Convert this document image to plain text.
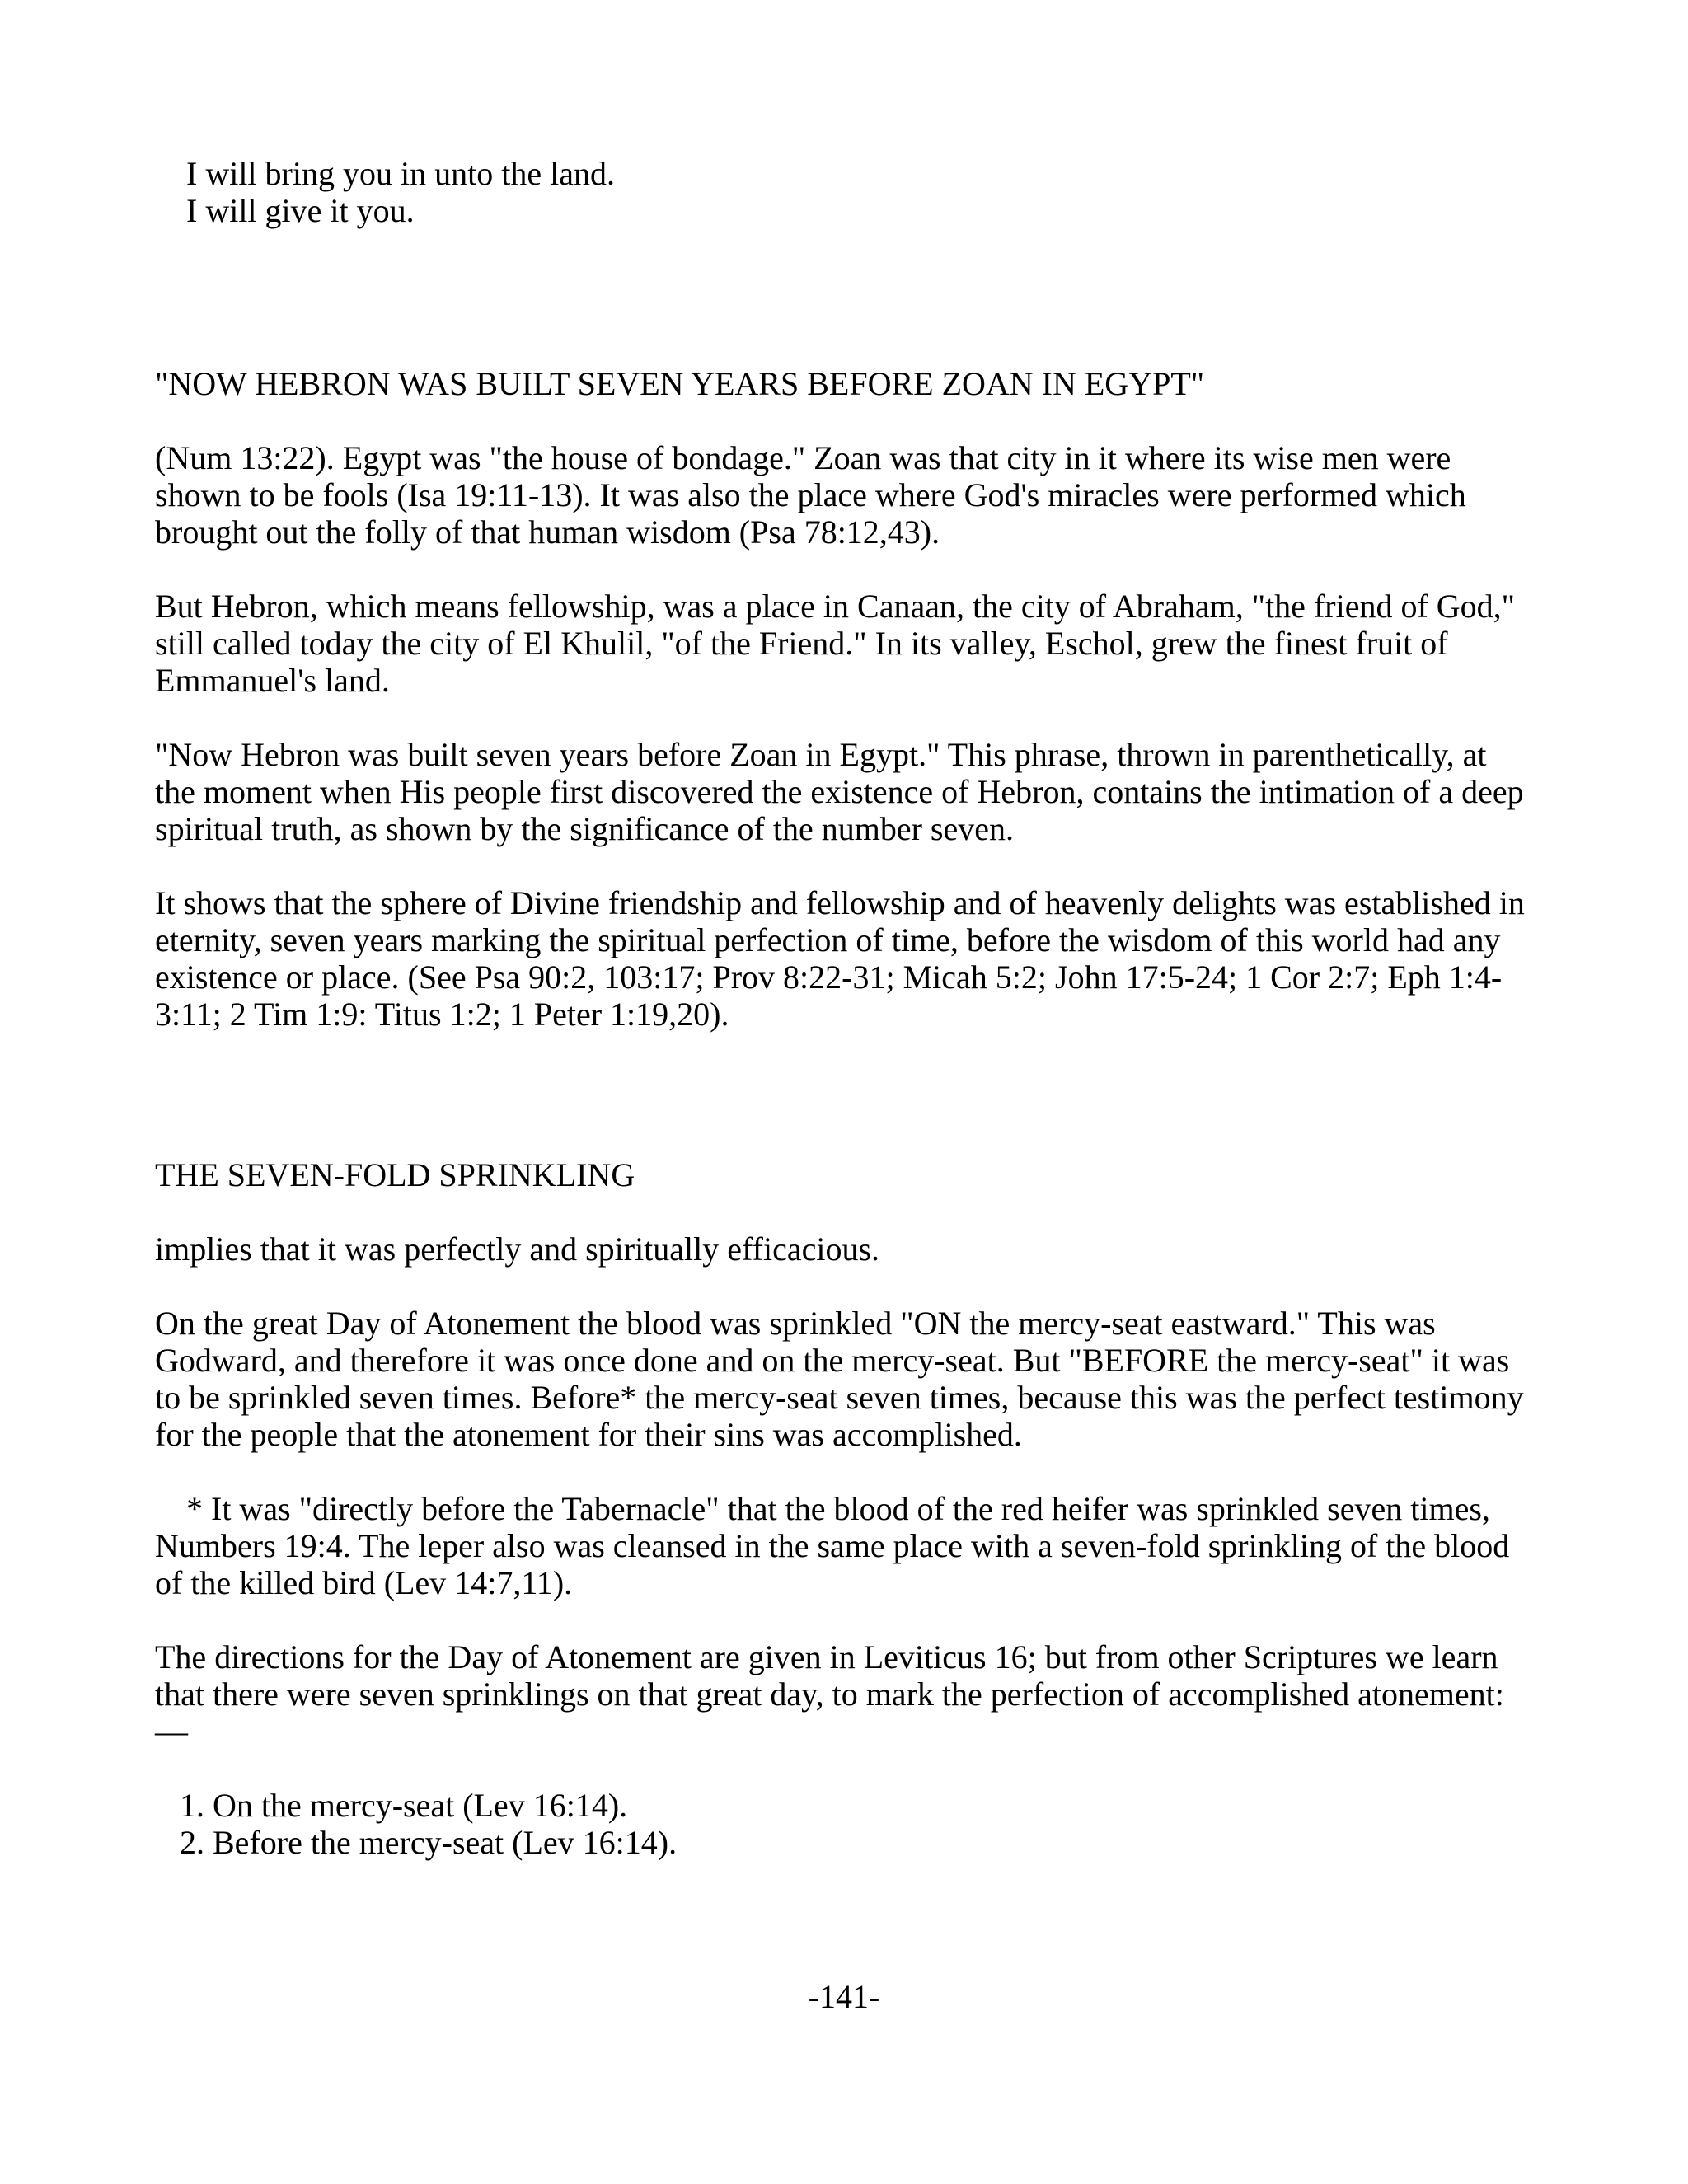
I will bring you in unto the land.
I will give it you.
"NOW HEBRON WAS BUILT SEVEN YEARS BEFORE ZOAN IN EGYPT"
(Num 13:22). Egypt was "the house of bondage." Zoan was that city in it where its wise men were shown to be fools (Isa 19:11-13). It was also the place where God's miracles were performed which brought out the folly of that human wisdom (Psa 78:12,43).
But Hebron, which means fellowship, was a place in Canaan, the city of Abraham, "the friend of God," still called today the city of El Khulil, "of the Friend." In its valley, Eschol, grew the finest fruit of Emmanuel's land.
"Now Hebron was built seven years before Zoan in Egypt." This phrase, thrown in parenthetically, at the moment when His people first discovered the existence of Hebron, contains the intimation of a deep spiritual truth, as shown by the significance of the number seven.
It shows that the sphere of Divine friendship and fellowship and of heavenly delights was established in eternity, seven years marking the spiritual perfection of time, before the wisdom of this world had any existence or place. (See Psa 90:2, 103:17; Prov 8:22-31; Micah 5:2; John 17:5-24; 1 Cor 2:7; Eph 1:4-3:11; 2 Tim 1:9: Titus 1:2; 1 Peter 1:19,20).
THE SEVEN-FOLD SPRINKLING
implies that it was perfectly and spiritually efficacious.
On the great Day of Atonement the blood was sprinkled "ON the mercy-seat eastward." This was Godward, and therefore it was once done and on the mercy-seat. But "BEFORE the mercy-seat" it was to be sprinkled seven times. Before* the mercy-seat seven times, because this was the perfect testimony for the people that the atonement for their sins was accomplished.
* It was "directly before the Tabernacle" that the blood of the red heifer was sprinkled seven times, Numbers 19:4. The leper also was cleansed in the same place with a seven-fold sprinkling of the blood of the killed bird (Lev 14:7,11).
The directions for the Day of Atonement are given in Leviticus 16; but from other Scriptures we learn that there were seven sprinklings on that great day, to mark the perfection of accomplished atonement:—
1. On the mercy-seat (Lev 16:14).
2. Before the mercy-seat (Lev 16:14).
-141-
